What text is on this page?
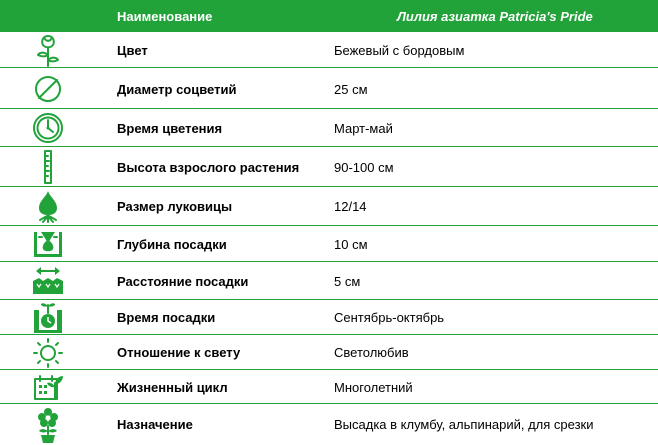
Наименование	Лилия азиатка Patricia's Pride
Цвет	Бежевый с бордовым
Диаметр соцветий	25 см
Время цветения	Март-май
Высота взрослого растения	90-100 см
Размер луковицы	12/14
Глубина посадки	10 см
Расстояние посадки	5 см
Время посадки	Сентябрь-октябрь
Отношение к свету	Светолюбив
Жизненный цикл	Многолетний
Назначение	Высадка в клумбу, альпинарий, для срезки
